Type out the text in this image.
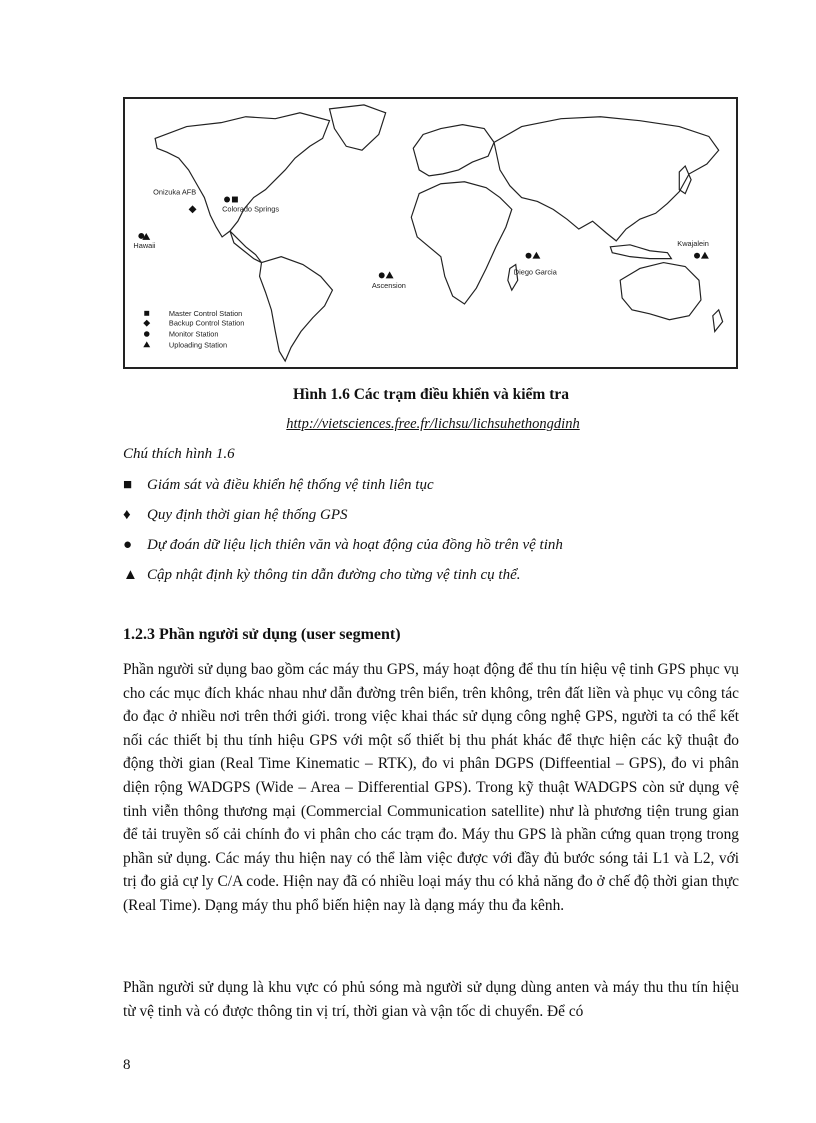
Onizuka AFB
Colorado Springs
Hawaii
Ascension
Diego Garcia
Kwajalein
Master Control Station
Backup Control Station
Monitor Station
Uploading Station
Hình 1.6 Các trạm điều khiển và kiểm tra
http://vietsciences.free.fr/lichsu/lichsuhethongdinh
Chú thích hình 1.6
■ Giám sát và điều khiển hệ thống vệ tinh liên tục
♦ Quy định thời gian hệ thống GPS
● Dự đoán dữ liệu lịch thiên văn và hoạt động của đồng hồ trên vệ tinh
▲ Cập nhật định kỳ thông tin dẫn đường cho từng vệ tinh cụ thể.
1.2.3 Phần người sử dụng (user segment)
Phần người sử dụng bao gồm các máy thu GPS, máy hoạt động để thu tín hiệu vệ tinh GPS phục vụ cho các mục đích khác nhau như dẫn đường trên biển, trên không, trên đất liền và phục vụ công tác đo đạc ở nhiều nơi trên thới giới. trong việc khai thác sử dụng công nghệ GPS, người ta có thể kết nối các thiết bị thu tính hiệu GPS với một số thiết bị thu phát khác để thực hiện các kỹ thuật đo động thời gian (Real Time Kinematic – RTK), đo vi phân DGPS (Diffeential – GPS), đo vi phân diện rộng WADGPS (Wide – Area – Differential GPS). Trong kỹ thuật WADGPS còn sử dụng vệ tinh viễn thông thương mại (Commercial Communication satellite) như là phương tiện trung gian để tải truyền số cải chính đo vi phân cho các trạm đo. Máy thu GPS là phần cứng quan trọng trong phần sử dụng. Các máy thu hiện nay có thể làm việc được với đầy đủ bước sóng tải L1 và L2, với trị đo giả cự ly C/A code. Hiện nay đã có nhiều loại máy thu có khả năng đo ở chế độ thời gian thực (Real Time). Dạng máy thu phổ biến hiện nay là dạng máy thu đa kênh.
Phần người sử dụng là khu vực có phủ sóng mà người sử dụng dùng anten và máy thu thu tín hiệu từ vệ tinh và có được thông tin vị trí, thời gian và vận tốc di chuyển. Để có
8
